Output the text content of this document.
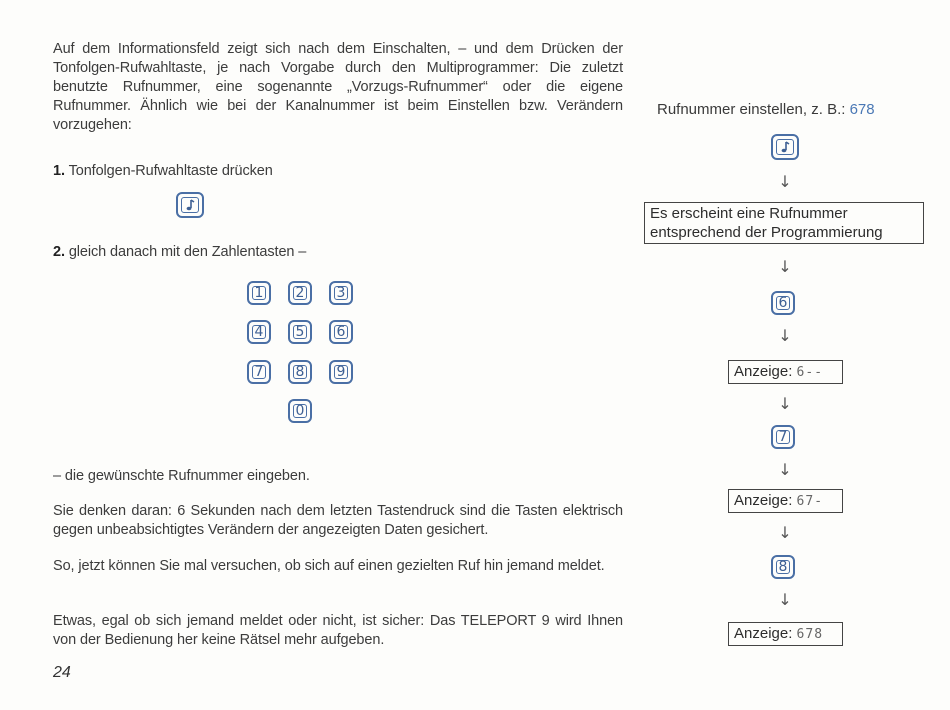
Auf dem Informationsfeld zeigt sich nach dem Einschalten, – und dem Drücken der Tonfolgen-Rufwahltaste, je nach Vorgabe durch den Multiprogrammer: Die zuletzt benutzte Rufnummer, eine sogenannte „Vorzugs-Rufnummer“ oder die eigene Rufnummer. Ähnlich wie bei der Kanalnummer ist beim Einstellen bzw. Verändern vorzugehen:
1. Tonfolgen-Rufwahltaste drücken
2. gleich danach mit den Zahlentasten –
1 2 3
4 5 6
7 8 9
0
– die gewünschte Rufnummer eingeben.
Sie denken daran: 6 Sekunden nach dem letzten Tastendruck sind die Tasten elektrisch gegen unbeabsichtigtes Verändern der angezeigten Daten gesichert.
So, jetzt können Sie mal versuchen, ob sich auf einen gezielten Ruf hin jemand meldet.
Etwas, egal ob sich jemand meldet oder nicht, ist sicher: Das TELEPORT 9 wird Ihnen von der Bedienung her keine Rätsel mehr aufgeben.
24
Rufnummer einstellen, z. B.: 678
↓
Es erscheint eine Rufnummer
entsprechend der Programmierung
↓
6
↓
Anzeige: 6--
↓
7
↓
Anzeige: 67-
↓
8
↓
Anzeige: 678
